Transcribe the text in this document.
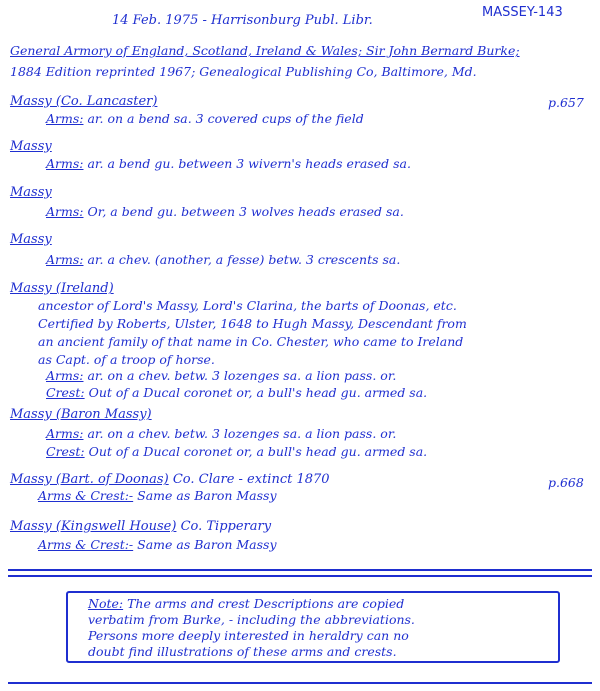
14 Feb. 1975 - Harrisonburg Publ. Libr.
MASSEY-143
General Armory of England, Scotland, Ireland & Wales; Sir John Bernard Burke;
1884 Edition reprinted 1967; Genealogical Publishing Co, Baltimore, Md.
Massy (Co. Lancaster)	p.657
Arms: ar. on a bend sa. 3 covered cups of the field
Massy
Arms: ar. a bend gu. between 3 wivern's heads erased sa.
Massy
Arms: Or, a bend gu. between 3 wolves heads erased sa.
Massy
Arms: ar. a chev. (another, a fesse) betw. 3 crescents sa.
Massy (Ireland)
ancestor of Lord's Massy, Lord's Clarina, the barts of Doonas, etc.
Certified by Roberts, Ulster, 1648 to Hugh Massy, Descendant from
an ancient family of that name in Co. Chester, who came to Ireland
as Capt. of a troop of horse.
Arms: ar. on a chev. betw. 3 lozenges sa. a lion pass. or.
Crest: Out of a Ducal coronet or, a bull's head gu. armed sa.
Massy (Baron Massy)
Arms: ar. on a chev. betw. 3 lozenges sa. a lion pass. or.
Crest: Out of a Ducal coronet or, a bull's head gu. armed sa.
Massy (Bart. of Doonas) Co. Clare - extinct 1870	p.668
Arms & Crest:- Same as Baron Massy
Massy (Kingswell House) Co. Tipperary
Arms & Crest:- Same as Baron Massy
Note: The arms and crest Descriptions are copied
verbatim from Burke, - including the abbreviations.
Persons more deeply interested in heraldry can no
doubt find illustrations of these arms and crests.
